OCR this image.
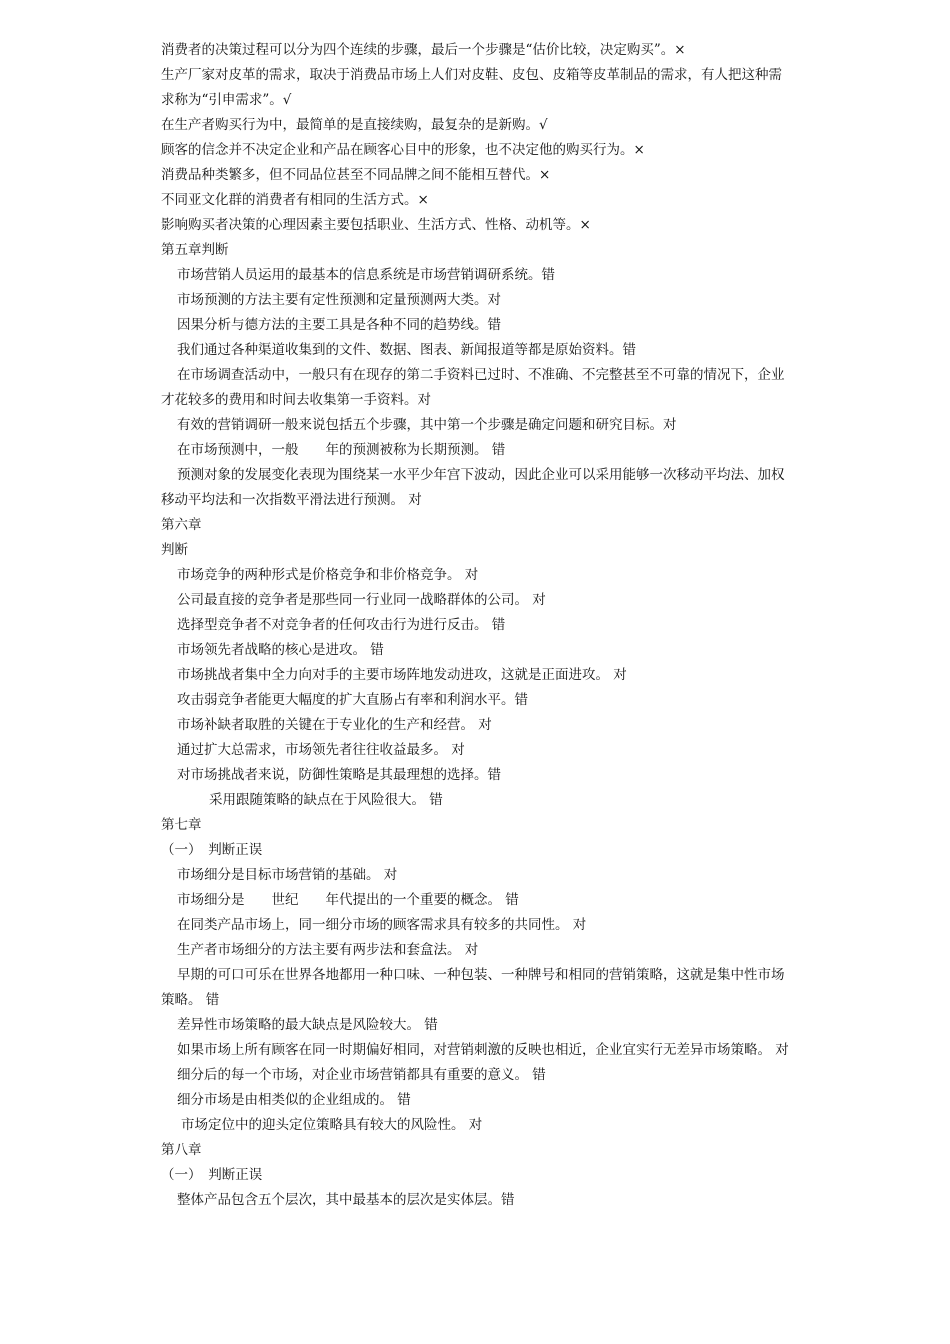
消费者的决策过程可以分为四个连续的步骤，最后一个步骤是“估价比较，决定购买”。×
生产厂家对皮革的需求，取决于消费品市场上人们对皮鞋、皮包、皮箱等皮革制品的需求，有人把这种需
求称为“引申需求”。√
在生产者购买行为中，最简单的是直接续购，最复杂的是新购。√
顾客的信念并不决定企业和产品在顾客心目中的形象，也不决定他的购买行为。×
消费品种类繁多，但不同品位甚至不同品牌之间不能相互替代。×
不同亚文化群的消费者有相同的生活方式。×
影响购买者决策的心理因素主要包括职业、生活方式、性格、动机等。×
第五章判断
市场营销人员运用的最基本的信息系统是市场营销调研系统。错
市场预测的方法主要有定性预测和定量预测两大类。对
因果分析与德方法的主要工具是各种不同的趋势线。错
我们通过各种渠道收集到的文件、数据、图表、新闻报道等都是原始资料。错
在市场调查活动中，一般只有在现存的第二手资料已过时、不准确、不完整甚至不可靠的情况下，企业
才花较多的费用和时间去收集第一手资料。对
有效的营销调研一般来说包括五个步骤，其中第一个步骤是确定问题和研究目标。对
在市场预测中，一般　　年的预测被称为长期预测。 错
预测对象的发展变化表现为围绕某一水平少年宫下波动，因此企业可以采用能够一次移动平均法、加权
移动平均法和一次指数平滑法进行预测。 对
第六章
判断
市场竞争的两种形式是价格竞争和非价格竞争。 对
公司最直接的竞争者是那些同一行业同一战略群体的公司。 对
选择型竞争者不对竞争者的任何攻击行为进行反击。 错
市场领先者战略的核心是进攻。 错
市场挑战者集中全力向对手的主要市场阵地发动进攻，这就是正面进攻。 对
攻击弱竞争者能更大幅度的扩大直肠占有率和利润水平。错
市场补缺者取胜的关键在于专业化的生产和经营。 对
通过扩大总需求，市场领先者往往收益最多。 对
对市场挑战者来说，防御性策略是其最理想的选择。错
采用跟随策略的缺点在于风险很大。 错
第七章
（一）　判断正误
市场细分是目标市场营销的基础。 对
市场细分是　　世纪　　年代提出的一个重要的概念。 错
在同类产品市场上，同一细分市场的顾客需求具有较多的共同性。 对
生产者市场细分的方法主要有两步法和套盒法。 对
早期的可口可乐在世界各地都用一种口味、一种包装、一种牌号和相同的营销策略，这就是集中性市场
策略。 错
差异性市场策略的最大缺点是风险较大。 错
如果市场上所有顾客在同一时期偏好相同，对营销刺激的反映也相近，企业宜实行无差异市场策略。 对
细分后的每一个市场，对企业市场营销都具有重要的意义。 错
细分市场是由相类似的企业组成的。 错
市场定位中的迎头定位策略具有较大的风险性。 对
第八章
（一）　判断正误
整体产品包含五个层次，其中最基本的层次是实体层。错
